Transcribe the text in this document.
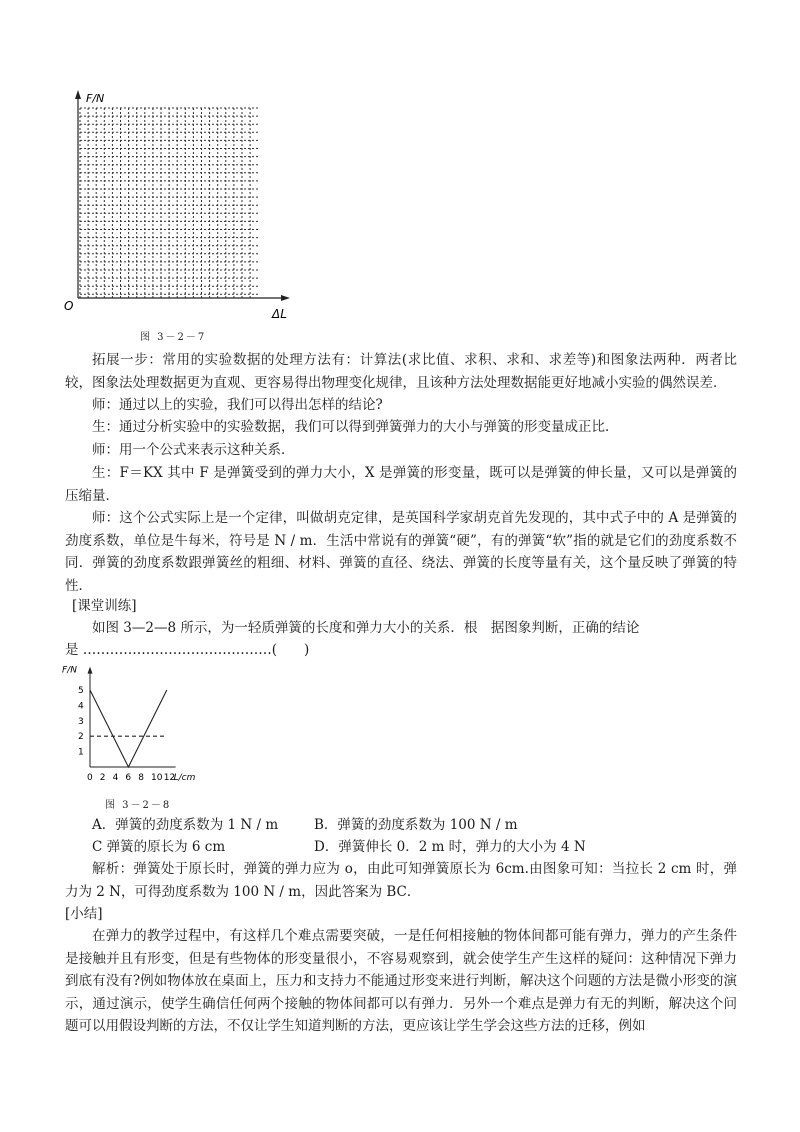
F/N
O
ΔL
图 3－2－7
拓展一步：常用的实验数据的处理方法有：计算法(求比值、求积、求和、求差等)和图象法两种．两者比较，图象法处理数据更为直观、更容易得出物理变化规律，且该种方法处理数据能更好地减小实验的偶然误差．
师：通过以上的实验，我们可以得出怎样的结论?
生：通过分析实验中的实验数据，我们可以得到弹簧弹力的大小与弹簧的形变量成正比．
师：用一个公式来表示这种关系．
生：F＝KX 其中 F 是弹簧受到的弹力大小，X 是弹簧的形变量，既可以是弹簧的伸长量，又可以是弹簧的压缩量．
师：这个公式实际上是一个定律，叫做胡克定律，是英国科学家胡克首先发现的，其中式子中的 A 是弹簧的劲度系数，单位是牛每米，符号是 N / m．生活中常说有的弹簧“硬”，有的弹簧“软”指的就是它们的劲度系数不同．弹簧的劲度系数跟弹簧丝的粗细、材料、弹簧的直径、绕法、弹簧的长度等量有关，这个量反映了弹簧的特性．
[课堂训练]
如图 3—2—8 所示，为一轻质弹簧的长度和弹力大小的关系．根　据图象判断，正确的结论
是 ……………………………………(　　)
F/N
L/cm
1
2
3
4
5
0 2 4 6 8 10 12
图 3－2－8
A．弹簧的劲度系数为 1 N / m	B．弹簧的劲度系数为 100 N / m
C 弹簧的原长为 6 cm	D．弹簧伸长 0．2 m 时，弹力的大小为 4 N
解析：弹簧处于原长时，弹簧的弹力应为 o，由此可知弹簧原长为 6cm.由图象可知：当拉长 2 cm 时，弹力为 2 N，可得劲度系数为 100 N / m，因此答案为 BC．
[小结]
在弹力的教学过程中，有这样几个难点需要突破，一是任何相接触的物体间都可能有弹力，弹力的产生条件是接触并且有形变，但是有些物体的形变量很小，不容易观察到，就会使学生产生这样的疑问：这种情况下弹力到底有没有?例如物体放在桌面上，压力和支持力不能通过形变来进行判断，解决这个问题的方法是微小形变的演示，通过演示，使学生确信任何两个接触的物体间都可以有弹力．另外一个难点是弹力有无的判断，解决这个问题可以用假设判断的方法，不仅让学生知道判断的方法，更应该让学生学会这些方法的迁移，例如
